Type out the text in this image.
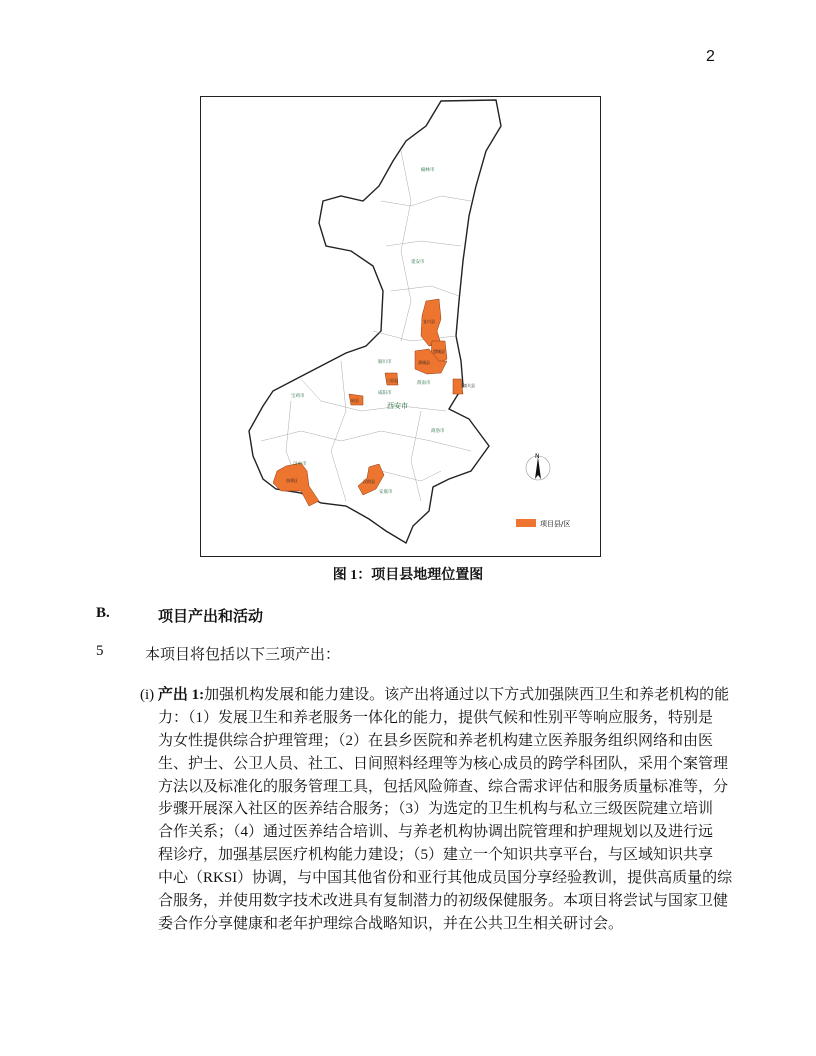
2
榆林市
延安市
铜川市
渭南市
宝鸡市
咸阳市
西安市
商洛市
汉中市
安康市
宜川县
澄城县
蒲城县
三原县
潼关县
眉县
南郑区	汉阴县
N
项目县/区
图 1：项目县地理位置图
B.	项目产出和活动
5	本项目将包括以下三项产出：
(i) 产出 1:加强机构发展和能力建设。该产出将通过以下方式加强陕西卫生和养老机构的能
力：（1）发展卫生和养老服务一体化的能力，提供气候和性别平等响应服务，特别是
为女性提供综合护理管理；（2）在县乡医院和养老机构建立医养服务组织网络和由医
生、护士、公卫人员、社工、日间照料经理等为核心成员的跨学科团队，采用个案管理
方法以及标准化的服务管理工具，包括风险筛查、综合需求评估和服务质量标准等，分
步骤开展深入社区的医养结合服务；（3）为选定的卫生机构与私立三级医院建立培训
合作关系；（4）通过医养结合培训、与养老机构协调出院管理和护理规划以及进行远
程诊疗，加强基层医疗机构能力建设；（5）建立一个知识共享平台，与区域知识共享
中心（RKSI）协调，与中国其他省份和亚行其他成员国分享经验教训，提供高质量的综
合服务，并使用数字技术改进具有复制潜力的初级保健服务。本项目将尝试与国家卫健
委合作分享健康和老年护理综合战略知识，并在公共卫生相关研讨会。
